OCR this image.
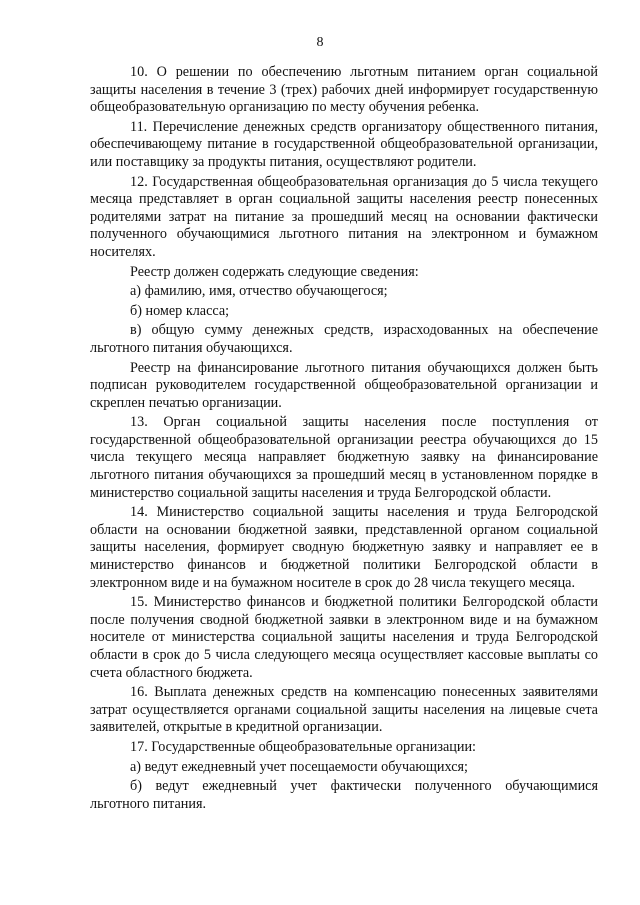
8

10. О решении по обеспечению льготным питанием орган социальной защиты населения в течение 3 (трех) рабочих дней информирует государственную общеобразовательную организацию по месту обучения ребенка.

11. Перечисление денежных средств организатору общественного питания, обеспечивающему питание в государственной общеобразовательной организации, или поставщику за продукты питания, осуществляют родители.

12. Государственная общеобразовательная организация до 5 числа текущего месяца представляет в орган социальной защиты населения реестр понесенных родителями затрат на питание за прошедший месяц на основании фактически полученного обучающимися льготного питания на электронном и бумажном носителях.

Реестр должен содержать следующие сведения:

а) фамилию, имя, отчество обучающегося;

б) номер класса;

в) общую сумму денежных средств, израсходованных на обеспечение льготного питания обучающихся.

Реестр на финансирование льготного питания обучающихся должен быть подписан руководителем государственной общеобразовательной организации и скреплен печатью организации.

13. Орган социальной защиты населения после поступления от государственной общеобразовательной организации реестра обучающихся до 15 числа текущего месяца направляет бюджетную заявку на финансирование льготного питания обучающихся за прошедший месяц в установленном порядке в министерство социальной защиты населения и труда Белгородской области.

14. Министерство социальной защиты населения и труда Белгородской области на основании бюджетной заявки, представленной органом социальной защиты населения, формирует сводную бюджетную заявку и направляет ее в министерство финансов и бюджетной политики Белгородской области в электронном виде и на бумажном носителе в срок до 28 числа текущего месяца.

15. Министерство финансов и бюджетной политики Белгородской области после получения сводной бюджетной заявки в электронном виде и на бумажном носителе от министерства социальной защиты населения и труда Белгородской области в срок до 5 числа следующего месяца осуществляет кассовые выплаты со счета областного бюджета.

16. Выплата денежных средств на компенсацию понесенных заявителями затрат осуществляется органами социальной защиты населения на лицевые счета заявителей, открытые в кредитной организации.

17. Государственные общеобразовательные организации:

а) ведут ежедневный учет посещаемости обучающихся;

б) ведут ежедневный учет фактически полученного обучающимися льготного питания.
